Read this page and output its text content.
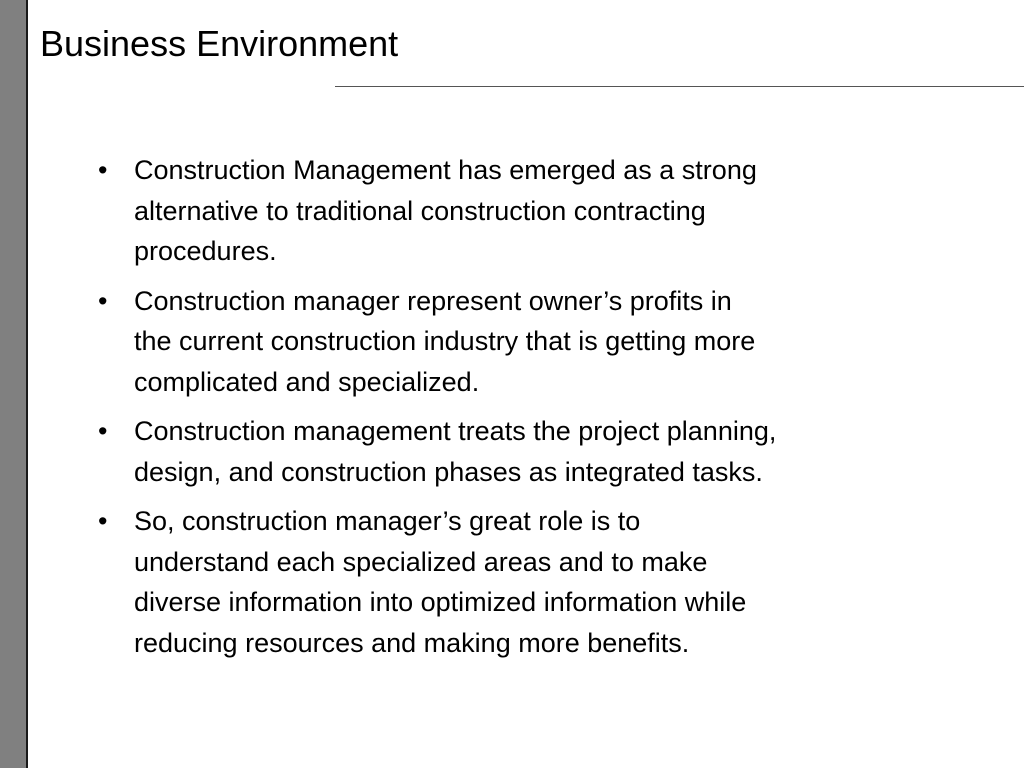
Business Environment
• Construction Management has emerged as a strong
alternative to traditional construction contracting
procedures.
• Construction manager represent owner’s profits in
the current construction industry that is getting more
complicated and specialized.
• Construction management treats the project planning,
design, and construction phases as integrated tasks.
• So, construction manager’s great role is to
understand each specialized areas and to make
diverse information into optimized information while
reducing resources and making more benefits.
